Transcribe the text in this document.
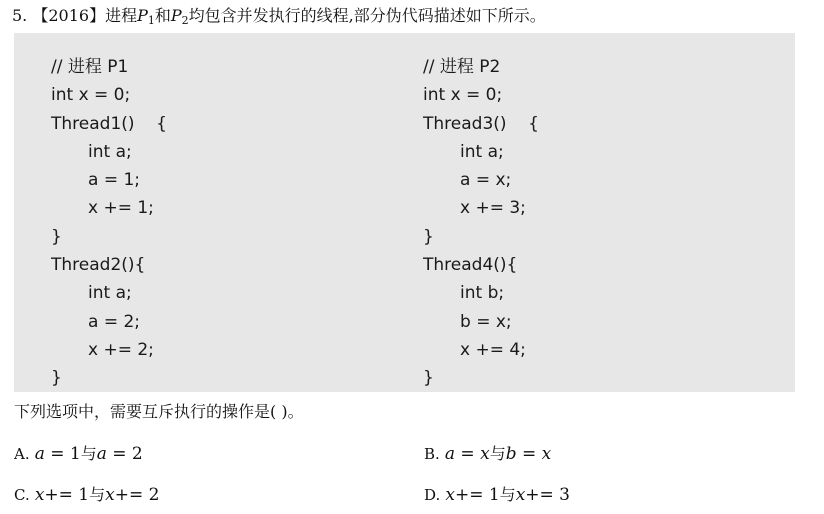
5. 【2016】进程$P_1$和$P_2$均包含并发执行的线程,部分伪代码描述如下所示。
// 进程 P1
int x = 0;
Thread1()    {
int a;
a = 1;
x += 1;
}
Thread2(){
int a;
a = 2;
x += 2;
}
// 进程 P2
int x = 0;
Thread3()    {
int a;
a = x;
x += 3;
}
Thread4(){
int b;
b = x;
x += 4;
}
下列选项中，需要互斥执行的操作是( )。
A. a = 1与a = 2	B. a = x与b = x
C. x+= 1与x+= 2	D. x+= 1与x+= 3
